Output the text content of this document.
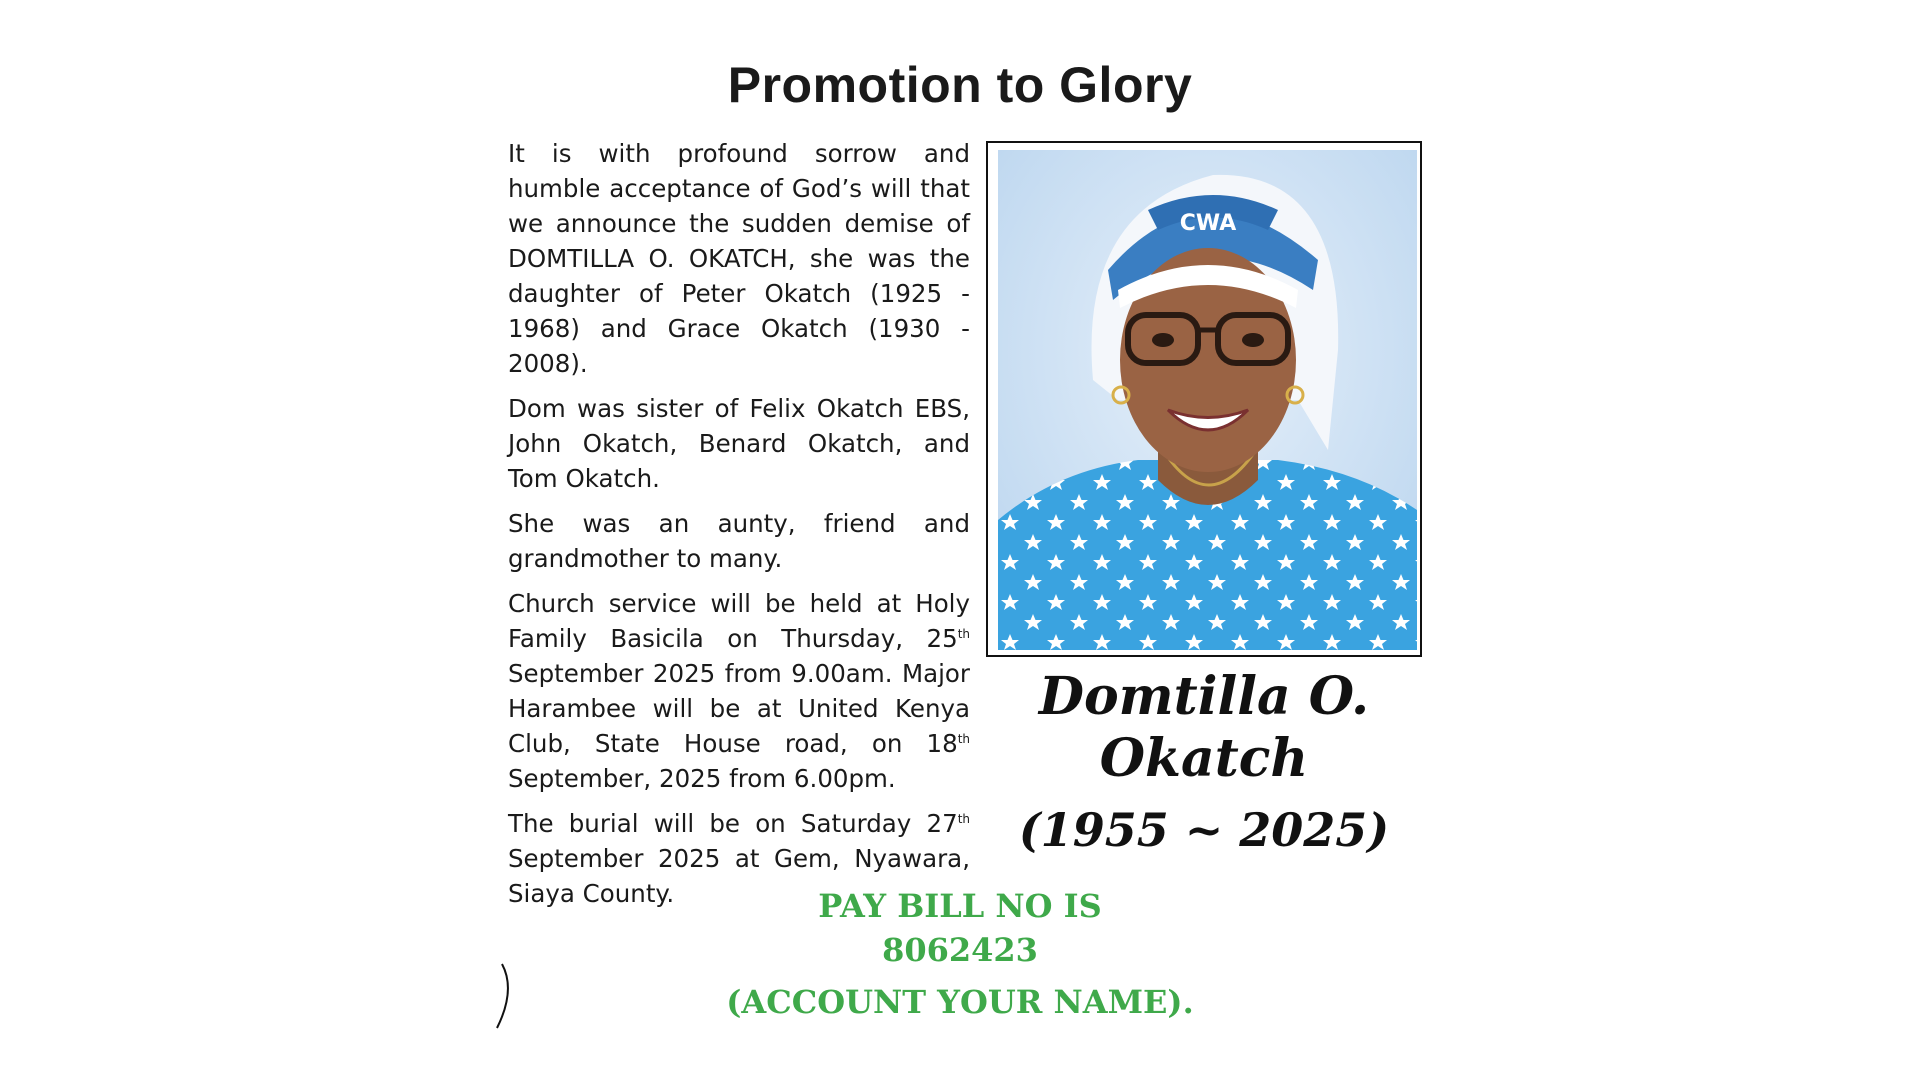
Promotion to Glory

It is with profound sorrow and humble acceptance of God’s will that we announce the sudden demise of DOMTILLA O. OKATCH, she was the daughter of Peter Okatch (1925 - 1968) and Grace Okatch (1930 - 2008).

Dom was sister of Felix Okatch EBS, John Okatch, Benard Okatch, and Tom Okatch.

She was an aunty, friend and grandmother to many.

Church service will be held at Holy Family Basicila on Thursday, 25th September 2025 from 9.00am. Major Harambee will be at United Kenya Club, State House road, on 18th September, 2025 from 6.00pm.

The burial will be on Saturday 27th September 2025 at Gem, Nyawara, Siaya County.

CWA
Domtilla O.
Okatch
(1955 ~ 2025)
PAY BILL NO IS
8062423
(ACCOUNT YOUR NAME).
